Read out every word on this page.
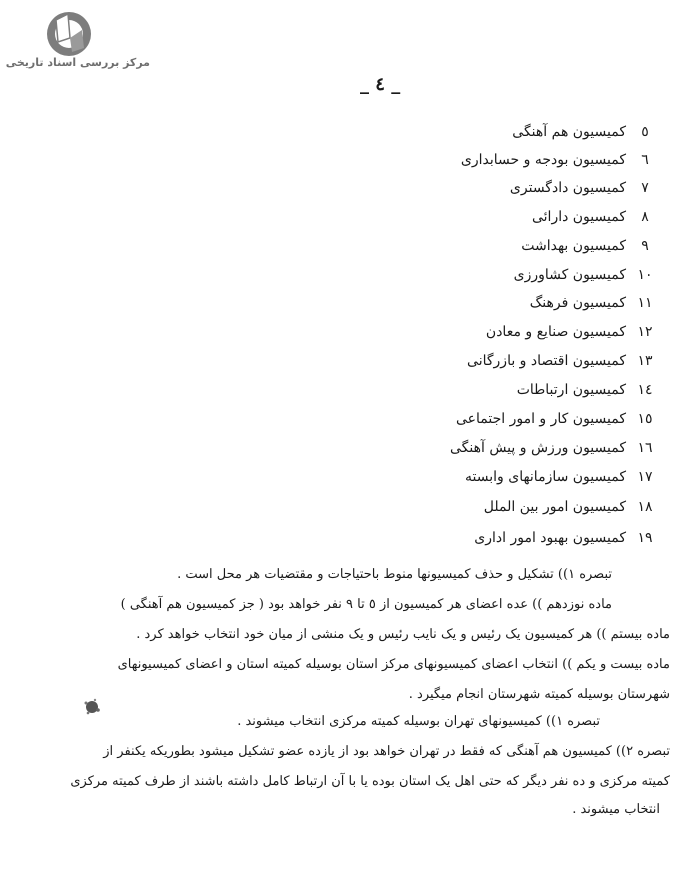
مرکز بررسی اسناد تاریخی
_ ٤ _
٥
کمیسیون هم آهنگی
٦
کمیسیون بودجه و حسابداری
٧
کمیسیون دادگستری
٨
کمیسیون دارائی
٩
کمیسیون بهداشت
١٠
کمیسیون کشاورزی
١١
کمیسیون فرهنگ
١٢
کمیسیون صنایع و معادن
١٣
کمیسیون اقتصاد و بازرگانی
١٤
کمیسیون ارتباطات
١٥
کمیسیون کار و امور اجتماعی
١٦
کمیسیون ورزش و پیش آهنگی
١٧
کمیسیون سازمانهای وابسته
١٨
کمیسیون امور بین الملل
١٩
کمیسیون بهبود امور اداری
تبصره ١)) تشکیل و حذف کمیسیونها منوط باحتیاجات و مقتضیات هر محل است .
ماده نوزدهم )) عده اعضای هر کمیسیون از ٥ تا ٩ نفر خواهد بود ( جز کمیسیون هم آهنگی )
ماده بیستم )) هر کمیسیون یک رئیس و یک نایب رئیس و یک منشی از میان خود انتخاب خواهد کرد .
ماده بیست و یکم )) انتخاب اعضای کمیسیونهای مرکز استان بوسیله کمیته استان و اعضای کمیسیونهای
شهرستان بوسیله کمیته شهرستان انجام میگیرد .
تبصره ١)) کمیسیونهای تهران بوسیله کمیته مرکزی انتخاب میشوند .
تبصره ٢)) کمیسیون هم آهنگی که فقط در تهران خواهد بود از یازده عضو تشکیل میشود بطوریکه یکنفر از
کمیته مرکزی و ده نفر دیگر که حتی اهل یک استان بوده یا با آن ارتباط کامل داشته باشند از طرف کمیته مرکزی
انتخاب میشوند .
